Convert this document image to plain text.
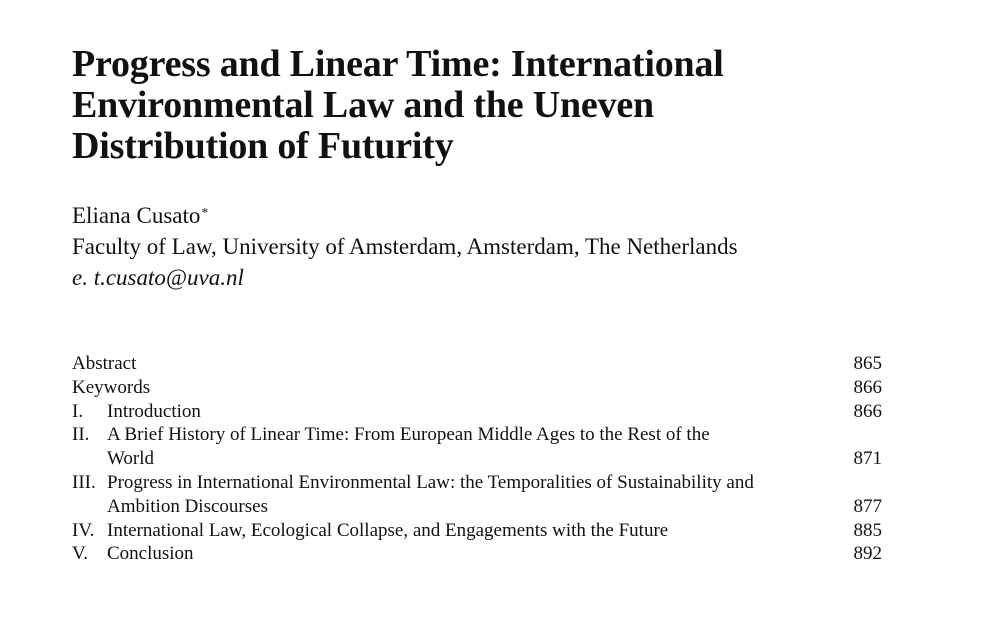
Progress and Linear Time: International
Environmental Law and the Uneven
Distribution of Futurity
Eliana Cusato*
Faculty of Law, University of Amsterdam, Amsterdam, The Netherlands
e. t.cusato@uva.nl
Abstract	865
Keywords	866
I.	Introduction	866
II. A Brief History of Linear Time: From European Middle Ages to the Rest of the
World	871
III. Progress in International Environmental Law: the Temporalities of Sustainability and
Ambition Discourses	877
IV. International Law, Ecological Collapse, and Engagements with the Future	885
V. Conclusion	892
